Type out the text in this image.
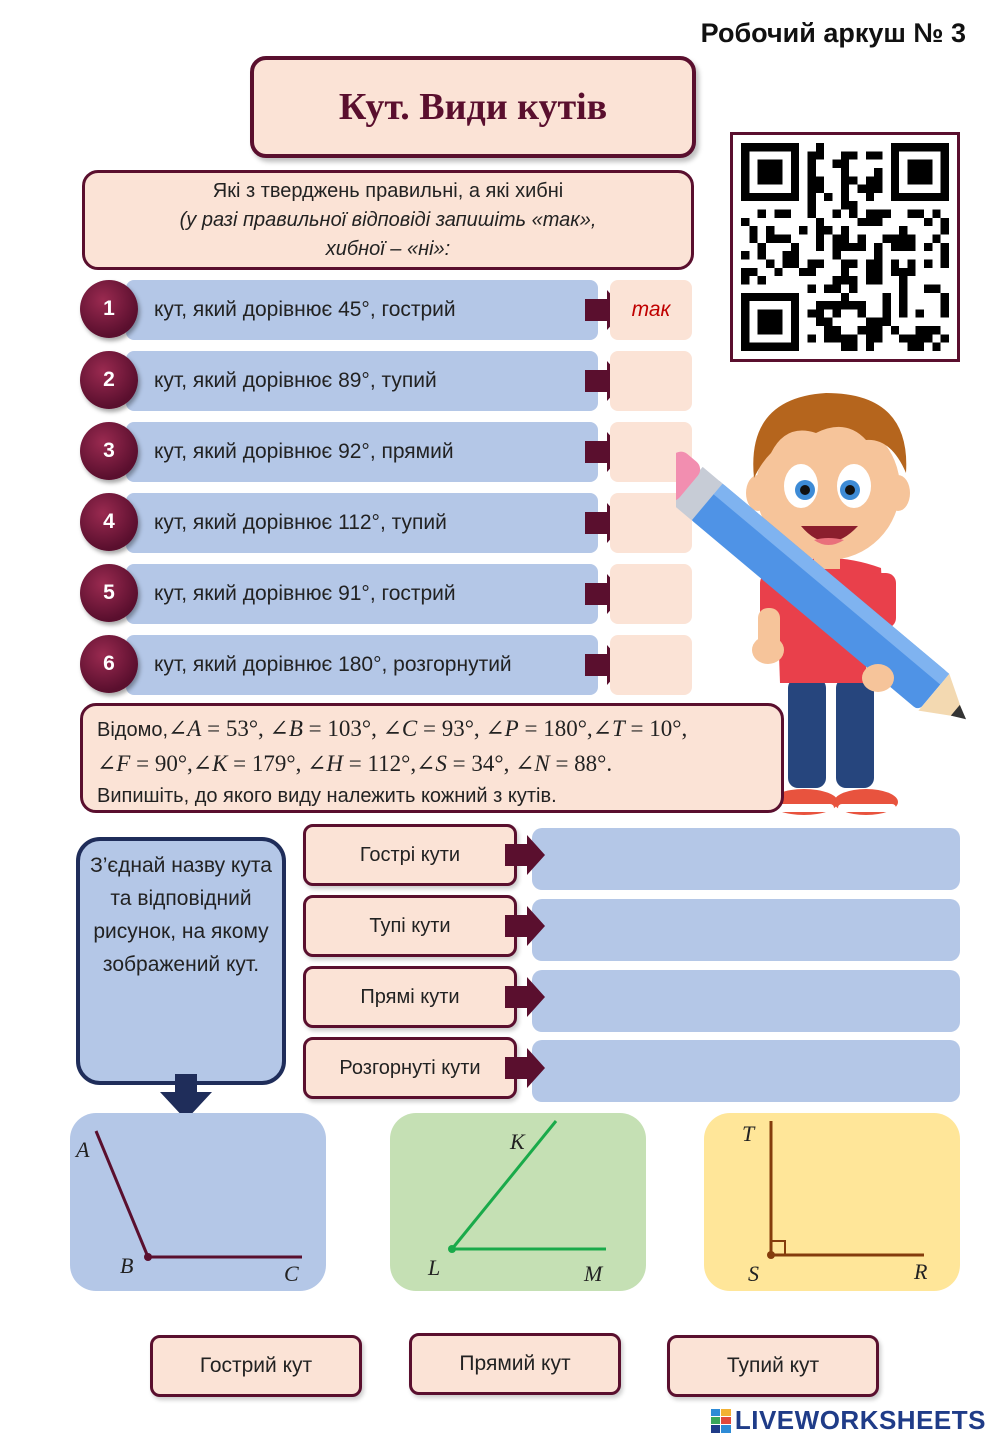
Робочий аркуш № 3
Кут. Види кутів
Які з тверджень правильні, а які хибні
(у разі правильної відповіді запишіть «так»,
хибної – «ні»:
кут, який дорівнює 45°, гострий
1	так
кут, який дорівнює 89°, тупий
2
кут, який дорівнює 92°, прямий
3
кут, який дорівнює 112°, тупий
4
кут, який дорівнює 91°, гострий
5
кут, який дорівнює 180°, розгорнутий
6
Відомо,∠A = 53°, ∠B = 103°, ∠C = 93°, ∠P = 180°,∠T = 10°,
∠F = 90°,∠K = 179°, ∠H = 112°,∠S = 34°, ∠N = 88°.
Випишіть, до якого виду належить кожний з кутів.
З’єднай назву кута та відповідний рисунок, на якому зображений кут.
Гострі кути
Тупі кути
Прямі кути
Розгорнуті кути
A
B	C
K
L	M
T
S	R
Гострий кут	Прямий кут	Тупий кут
LIVEWORKSHEETS
